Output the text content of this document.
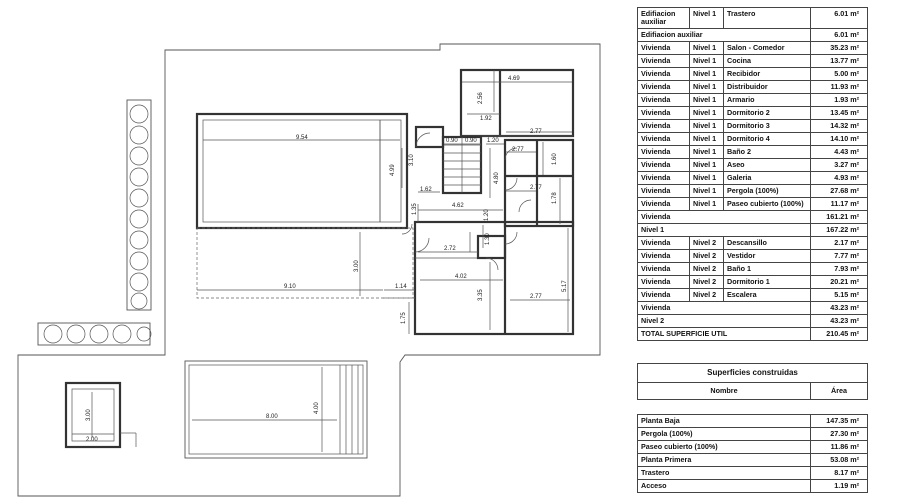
4.69
2.56
1.92
2.77
2.77
1.60
2.77
1.78
9.54
3.10
0.90 0.90 1.20
4.80
4.99
1.62
1.35	4.62
1.20
1.30
2.72
5.17
4.02
3.00
9.10	1.14
3.35	2.77
1.75
3.00
2.00
8.00
4.00
Edifiacion auxiliar	Nivel 1	Trastero	6.01 m²
Edifiacion auxiliar			6.01 m²
Vivienda	Nivel 1	Salon - Comedor	35.23 m²
Vivienda	Nivel 1	Cocina	13.77 m²
Vivienda	Nivel 1	Recibidor	5.00 m²
Vivienda	Nivel 1	Distribuidor	11.93 m²
Vivienda	Nivel 1	Armario	1.93 m²
Vivienda	Nivel 1	Dormitorio 2	13.45 m²
Vivienda	Nivel 1	Dormitorio 3	14.32 m²
Vivienda	Nivel 1	Dormitorio 4	14.10 m²
Vivienda	Nivel 1	Baño 2	4.43 m²
Vivienda	Nivel 1	Aseo	3.27 m²
Vivienda	Nivel 1	Galeria	4.93 m²
Vivienda	Nivel 1	Pergola (100%)	27.68 m²
Vivienda	Nivel 1	Paseo cubierto (100%)	11.17 m²
Vivienda			161.21 m²
Nivel 1			167.22 m²
Vivienda	Nivel 2	Descansillo	2.17 m²
Vivienda	Nivel 2	Vestidor	7.77 m²
Vivienda	Nivel 2	Baño 1	7.93 m²
Vivienda	Nivel 2	Dormitorio 1	20.21 m²
Vivienda	Nivel 2	Escalera	5.15 m²
Vivienda			43.23 m²
Nivel 2			43.23 m²
TOTAL SUPERFICIE UTIL			210.45 m²
Superficies construidas
Nombre	Área
Planta Baja	147.35 m²
Pergola (100%)	27.30 m²
Paseo cubierto (100%)	11.86 m²
Planta Primera	53.08 m²
Trastero	8.17 m²
Acceso	1.19 m²
